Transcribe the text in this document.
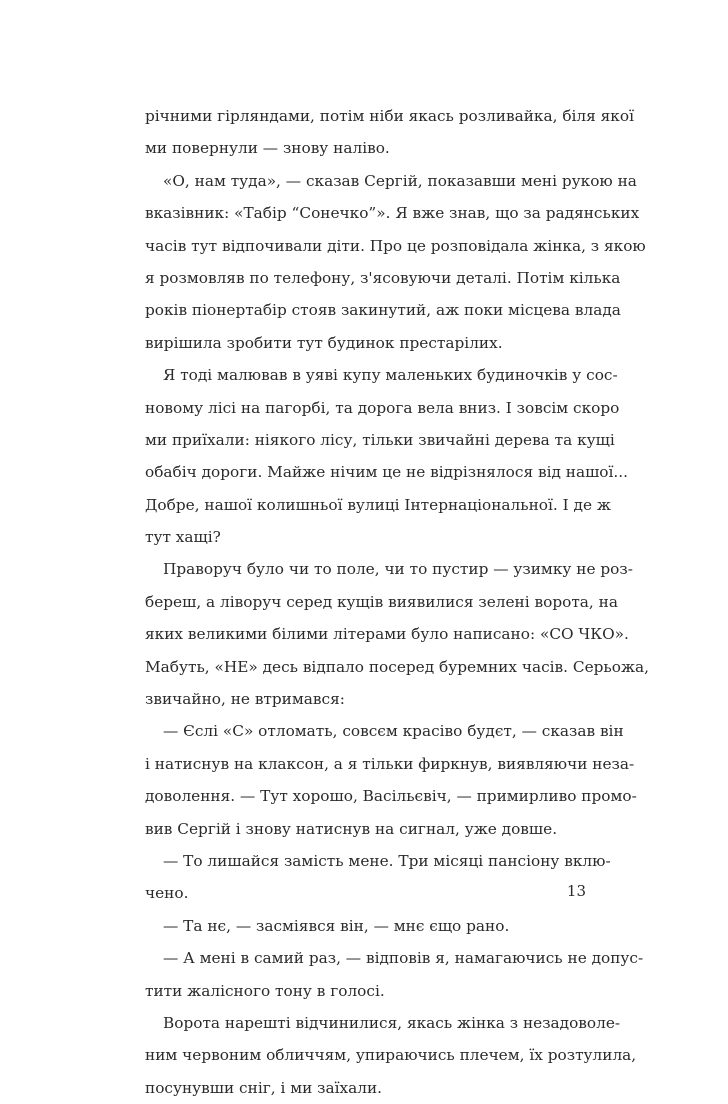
річними гірляндами, потім ніби якась розливайка, біля якої
ми повернули — знову наліво.
«О, нам туда», — сказав Сергій, показавши мені рукою на
вказівник: «Табір “Сонечко”». Я вже знав, що за радянських
часів тут відпочивали діти. Про це розповідала жінка, з якою
я розмовляв по телефону, з'ясовуючи деталі. Потім кілька
років піонертабір стояв закинутий, аж поки місцева влада
вирішила зробити тут будинок престарілих.
Я тоді малював в уяві купу маленьких будиночків у сос-
новому лісі на пагорбі, та дорога вела вниз. І зовсім скоро
ми приїхали: ніякого лісу, тільки звичайні дерева та кущі
обабіч дороги. Майже нічим це не відрізнялося від нашої...
Добре, нашої колишньої вулиці Інтернаціональної. І де ж
тут хащі?
Праворуч було чи то поле, чи то пустир — узимку не роз-
береш, а ліворуч серед кущів виявилися зелені ворота, на
яких великими білими літерами було написано: «СО ЧКО».
Мабуть, «НЕ» десь відпало посеред буремних часів. Серьожа,
звичайно, не втримався:
— Єслі «С» отломать, совсєм красіво будєт, — сказав він
і натиснув на клаксон, а я тільки фиркнув, виявляючи неза-
доволення. — Тут хорошо, Васільєвіч, — примирливо промо-
вив Сергій і знову натиснув на сигнал, уже довше.
— То лишайся замість мене. Три місяці пансіону вклю-
чено.
— Та нє, — засміявся він, — мнє єщо рано.
— А мені в самий раз, — відповів я, намагаючись не допус-
тити жалісного тону в голосі.
Ворота нарешті відчинилися, якась жінка з незадоволе-
ним червоним обличчям, упираючись плечем, їх розтулила,
посунувши сніг, і ми заїхали.
13
